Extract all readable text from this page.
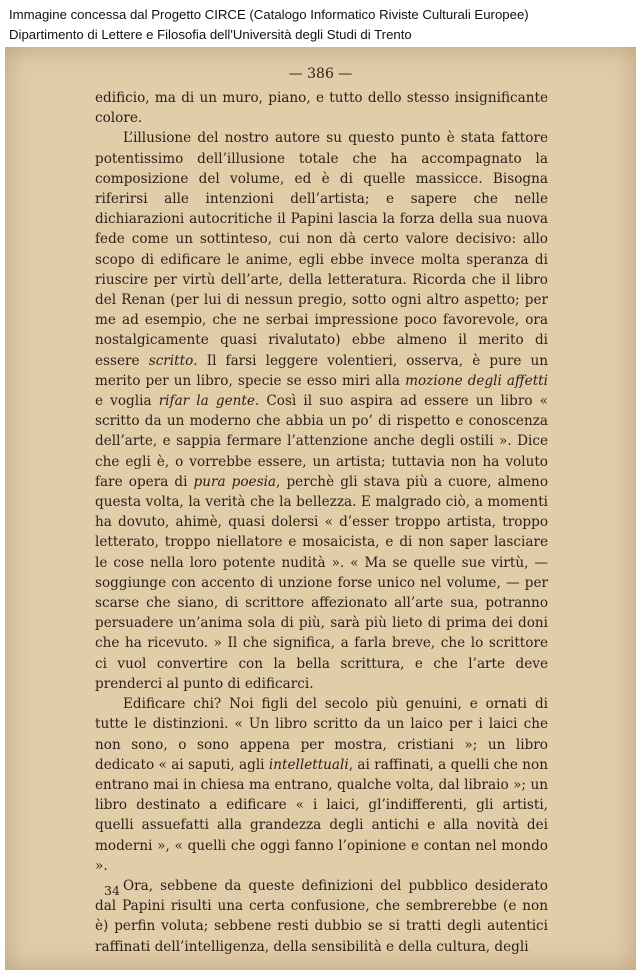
Immagine concessa dal Progetto CIRCE (Catalogo Informatico Riviste Culturali Europee)
Dipartimento di Lettere e Filosofia dell'Università degli Studi di Trento
— 386 —

edificio, ma di un muro, piano, e tutto dello stesso insignificante colore.

L’illusione del nostro autore su questo punto è stata fattore potentissimo dell’illusione totale che ha accompagnato la composizione del volume, ed è di quelle massicce. Bisogna riferirsi alle intenzioni dell’artista; e sapere che nelle dichiarazioni autocritiche il Papini lascia la forza della sua nuova fede come un sottinteso, cui non dà certo valore decisivo: allo scopo di edificare le anime, egli ebbe invece molta speranza di riuscire per virtù dell’arte, della letteratura. Ricorda che il libro del Renan (per lui di nessun pregio, sotto ogni altro aspetto; per me ad esempio, che ne serbai impressione poco favorevole, ora nostalgicamente quasi rivalutato) ebbe almeno il merito di essere scritto. Il farsi leggere volentieri, osserva, è pure un merito per un libro, specie se esso miri alla mozione degli affetti e voglia rifar la gente. Così il suo aspira ad essere un libro « scritto da un moderno che abbia un po’ di rispetto e conoscenza dell’arte, e sappia fermare l’attenzione anche degli ostili ». Dice che egli è, o vorrebbe essere, un artista; tuttavia non ha voluto fare opera di pura poesia, perchè gli stava più a cuore, almeno questa volta, la verità che la bellezza. E malgrado ciò, a momenti ha dovuto, ahimè, quasi dolersi « d’esser troppo artista, troppo letterato, troppo niellatore e mosaicista, e di non saper lasciare le cose nella loro potente nudità ». « Ma se quelle sue virtù, — soggiunge con accento di unzione forse unico nel volume, — per scarse che siano, di scrittore affezionato all’arte sua, potranno persuadere un’anima sola di più, sarà più lieto di prima dei doni che ha ricevuto. » Il che significa, a farla breve, che lo scrittore ci vuol convertire con la bella scrittura, e che l’arte deve prenderci al punto di edificarci.

Edificare chi? Noi figli del secolo più genuini, e ornati di tutte le distinzioni. « Un libro scritto da un laico per i laici che non sono, o sono appena per mostra, cristiani »; un libro dedicato « ai saputi, agli intellettuali, ai raffinati, a quelli che non entrano mai in chiesa ma entrano, qualche volta, dal libraio »; un libro destinato a edificare « i laici, gl’indifferenti, gli artisti, quelli assuefatti alla grandezza degli antichi e alla novità dei moderni », « quelli che oggi fanno l’opinione e contan nel mondo ».

Ora, sebbene da queste definizioni del pubblico desiderato dal Papini risulti una certa confusione, che sembrerebbe (e non è) perfin voluta; sebbene resti dubbio se si tratti degli autentici raffinati dell’intelligenza, della sensibilità e della cultura, degli

34
